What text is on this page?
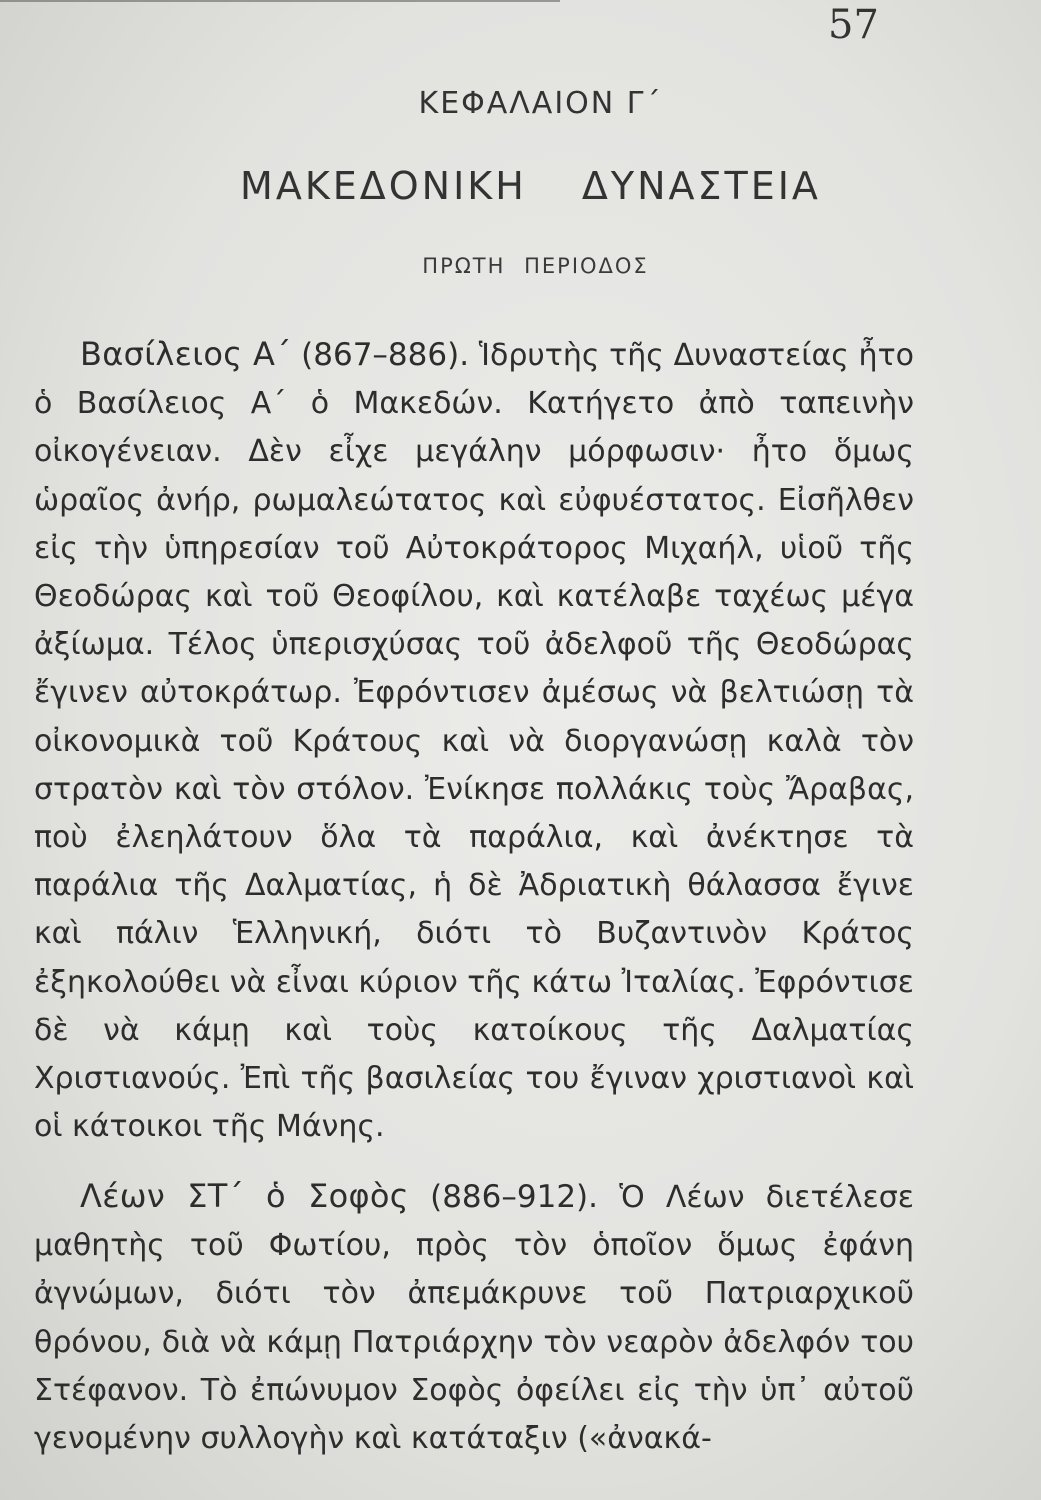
57
ΚΕΦΑΛΑΙΟΝ Γ΄
ΜΑΚΕΔΟΝΙΚΗ ΔΥΝΑΣΤΕΙΑ
ΠΡΩΤΗ ΠΕΡΙΟΔΟΣ

Βασίλειος Α΄ (867–886). Ἱδρυτὴς τῆς Δυναστείας ἦτο ὁ Βασίλειος Α΄ ὁ Μακεδών. Κατήγετο ἀπὸ ταπεινὴν οἰκογένειαν. Δὲν εἶχε μεγάλην μόρφωσιν· ἦτο ὅμως ὡραῖος ἀνήρ, ρωμαλεώτατος καὶ εὐφυέστατος. Εἰσῆλθεν εἰς τὴν ὑπηρεσίαν τοῦ Αὐτοκράτορος Μιχαήλ, υἱοῦ τῆς Θεοδώρας καὶ τοῦ Θεοφίλου, καὶ κατέλαβε ταχέως μέγα ἀξίωμα. Τέλος ὑπερισχύσας τοῦ ἀδελφοῦ τῆς Θεοδώρας ἔγινεν αὐτοκράτωρ. Ἐφρόντισεν ἀμέσως νὰ βελτιώσῃ τὰ οἰκονομικὰ τοῦ Κράτους καὶ νὰ διοργανώσῃ καλὰ τὸν στρατὸν καὶ τὸν στόλον. Ἐνίκησε πολλάκις τοὺς Ἄραβας, ποὺ ἐλεηλάτουν ὅλα τὰ παράλια, καὶ ἀνέκτησε τὰ παράλια τῆς Δαλματίας, ἡ δὲ Ἀδριατικὴ θάλασσα ἔγινε καὶ πάλιν Ἑλληνική, διότι τὸ Βυζαντινὸν Κράτος ἐξηκολούθει νὰ εἶναι κύριον τῆς κάτω Ἰταλίας. Ἐφρόντισε δὲ νὰ κάμῃ καὶ τοὺς κατοίκους τῆς Δαλματίας Χριστιανούς. Ἐπὶ τῆς βασιλείας του ἔγιναν χριστιανοὶ καὶ οἱ κάτοικοι τῆς Μάνης.

Λέων ΣΤ΄ ὁ Σοφὸς (886–912). Ὁ Λέων διετέλεσε μαθητὴς τοῦ Φωτίου, πρὸς τὸν ὁποῖον ὅμως ἐφάνη ἀγνώμων, διότι τὸν ἀπεμάκρυνε τοῦ Πατριαρχικοῦ θρόνου, διὰ νὰ κάμῃ Πατριάρχην τὸν νεαρὸν ἀδελφόν του Στέφανον. Τὸ ἐπώνυμον Σοφὸς ὀφείλει εἰς τὴν ὑπ᾽ αὐτοῦ γενομένην συλλογὴν καὶ κατάταξιν («ἀνακά-
